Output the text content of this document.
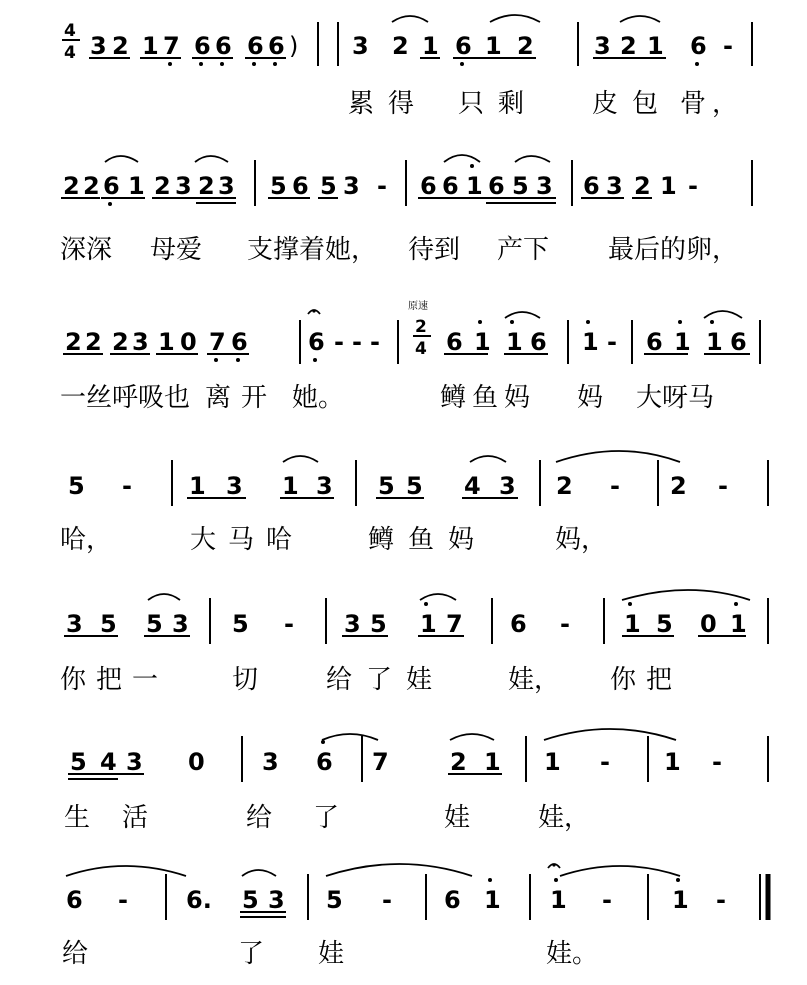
4
4 3 2 1 7 6 6 6 6 ) 3 2 1 6 1 2	3 2 1 6 -
累得 只剩 皮包 骨，
2 2 6 1 2 3 2 3 5 6 5 3 - 6 6 1 6 5 3 6 3 2 1 -
深深 母爱 支撑着她， 待到 产下 最后的卵，
2 2 2 3 1 0 7 6	6 - - -
原速
2
4 6 1 1 6 1 - 6 1 1 6
一丝呼吸也 离开 她。	鳟鱼妈 妈 大呀马
5 - 1 3 1 3 5 5 4 3 2 - 2 -
哈，	大马哈 鳟鱼妈	妈，
3 5 5 3 5 - 3 5 1 7 6 - 1 5 0 1
你把一 切	给了娃 娃， 你把
5 4 3 0 3 6 7	2 1 1 - 1 -
生 活	给 了	娃	娃，
6 - 6. 5 3 5 - 6 1 1 -	1 -
给	了 娃	娃。
